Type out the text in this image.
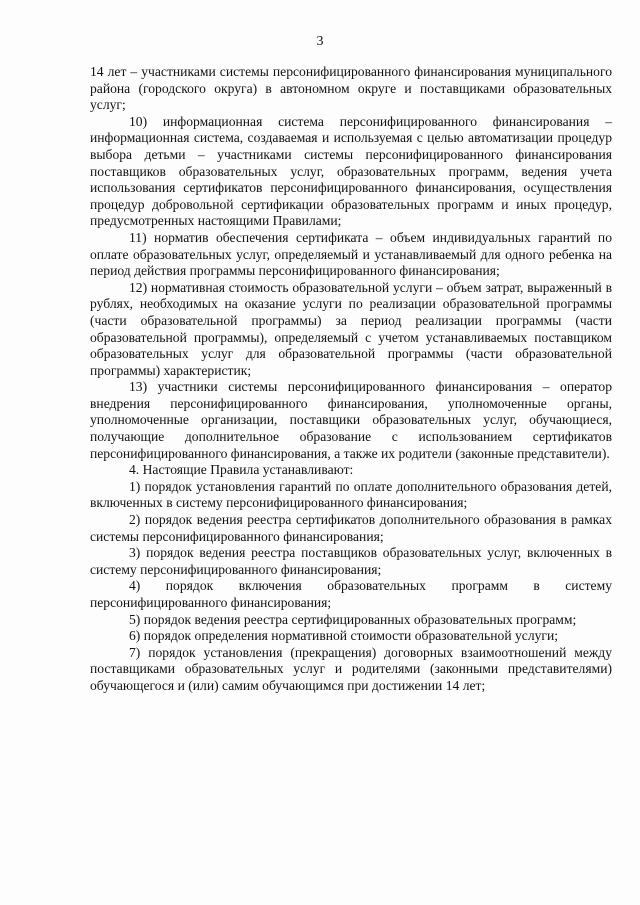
3

14 лет – участниками системы персонифицированного финансирования муниципального района (городского округа) в автономном округе и поставщиками образовательных услуг;

10) информационная система персонифицированного финансирования – информационная система, создаваемая и используемая с целью автоматизации процедур выбора детьми – участниками системы персонифицированного финансирования поставщиков образовательных услуг, образовательных программ, ведения учета использования сертификатов персонифицированного финансирования, осуществления процедур добровольной сертификации образовательных программ и иных процедур, предусмотренных настоящими Правилами;

11) норматив обеспечения сертификата – объем индивидуальных гарантий по оплате образовательных услуг, определяемый и устанавливаемый для одного ребенка на период действия программы персонифицированного финансирования;

12) нормативная стоимость образовательной услуги – объем затрат, выраженный в рублях, необходимых на оказание услуги по реализации образовательной программы (части образовательной программы) за период реализации программы (части образовательной программы), определяемый с учетом устанавливаемых поставщиком образовательных услуг для образовательной программы (части образовательной программы) характеристик;

13) участники системы персонифицированного финансирования – оператор внедрения персонифицированного финансирования, уполномоченные органы, уполномоченные организации, поставщики образовательных услуг, обучающиеся, получающие дополнительное образование с использованием сертификатов персонифицированного финансирования, а также их родители (законные представители).

4. Настоящие Правила устанавливают:

1) порядок установления гарантий по оплате дополнительного образования детей, включенных в систему персонифицированного финансирования;

2) порядок ведения реестра сертификатов дополнительного образования в рамках системы персонифицированного финансирования;

3) порядок ведения реестра поставщиков образовательных услуг, включенных в систему персонифицированного финансирования;

4) порядок включения образовательных программ в систему персонифицированного финансирования;

5) порядок ведения реестра сертифицированных образовательных программ;

6) порядок определения нормативной стоимости образовательной услуги;

7) порядок установления (прекращения) договорных взаимоотношений между поставщиками образовательных услуг и родителями (законными представителями) обучающегося и (или) самим обучающимся при достижении 14 лет;
